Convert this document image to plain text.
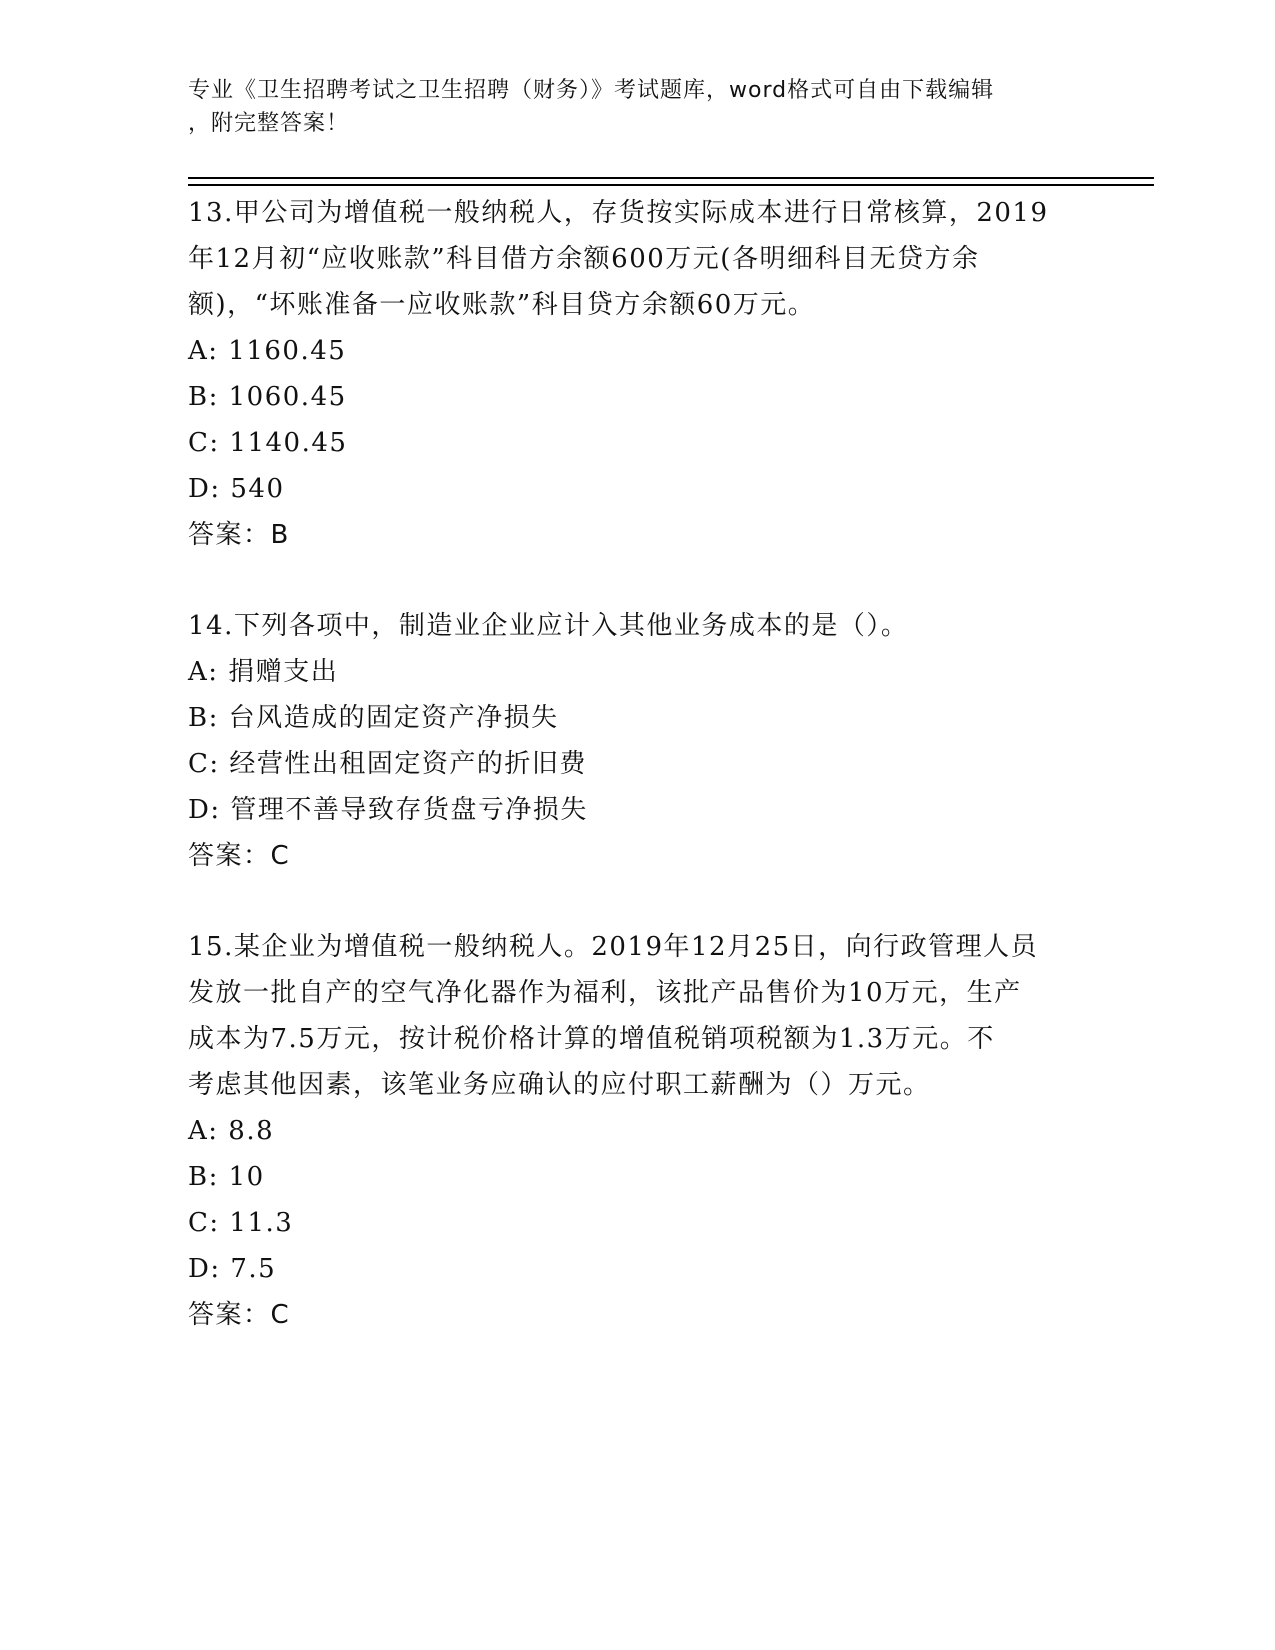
专业《卫生招聘考试之卫生招聘（财务）》考试题库，word格式可自由下载编辑
，附完整答案！

13.甲公司为增值税一般纳税人，存货按实际成本进行日常核算，2019

年12月初“应收账款”科目借方余额600万元(各明细科目无贷方余

额)，“坏账准备一应收账款”科目贷方余额60万元。

A: 1160.45

B: 1060.45

C: 1140.45

D: 540

答案：B

14.下列各项中，制造业企业应计入其他业务成本的是（）。

A: 捐赠支出

B: 台风造成的固定资产净损失

C: 经营性出租固定资产的折旧费

D: 管理不善导致存货盘亏净损失

答案：C

15.某企业为增值税一般纳税人。2019年12月25日，向行政管理人员

发放一批自产的空气净化器作为福利，该批产品售价为10万元，生产

成本为7.5万元，按计税价格计算的增值税销项税额为1.3万元。不

考虑其他因素，该笔业务应确认的应付职工薪酬为（）万元。

A: 8.8

B: 10

C: 11.3

D: 7.5

答案：C
